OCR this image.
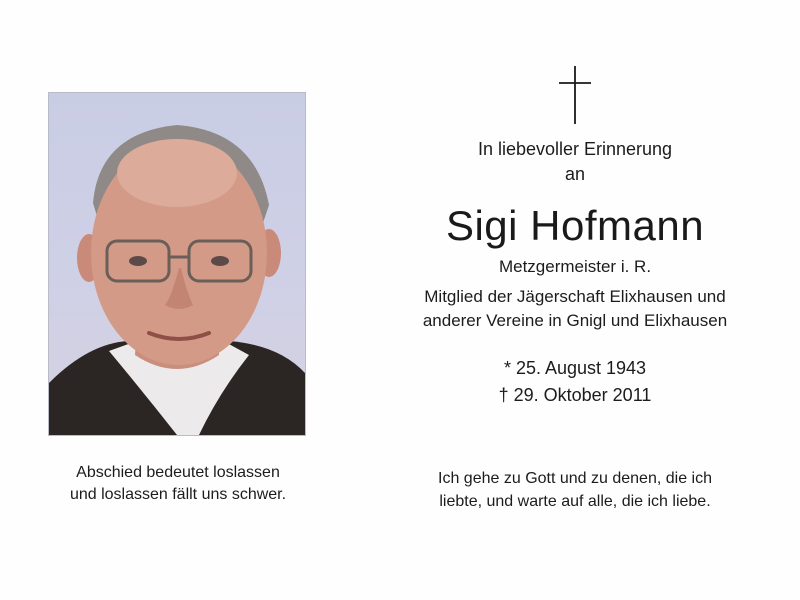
Abschied bedeutet loslassen
und loslassen fällt uns schwer.
In liebevoller Erinnerung
an
Sigi Hofmann
Metzgermeister i. R.
Mitglied der Jägerschaft Elixhausen und
anderer Vereine in Gnigl und Elixhausen
* 25. August 1943
† 29. Oktober 2011
Ich gehe zu Gott und zu denen, die ich
liebte, und warte auf alle, die ich liebe.
